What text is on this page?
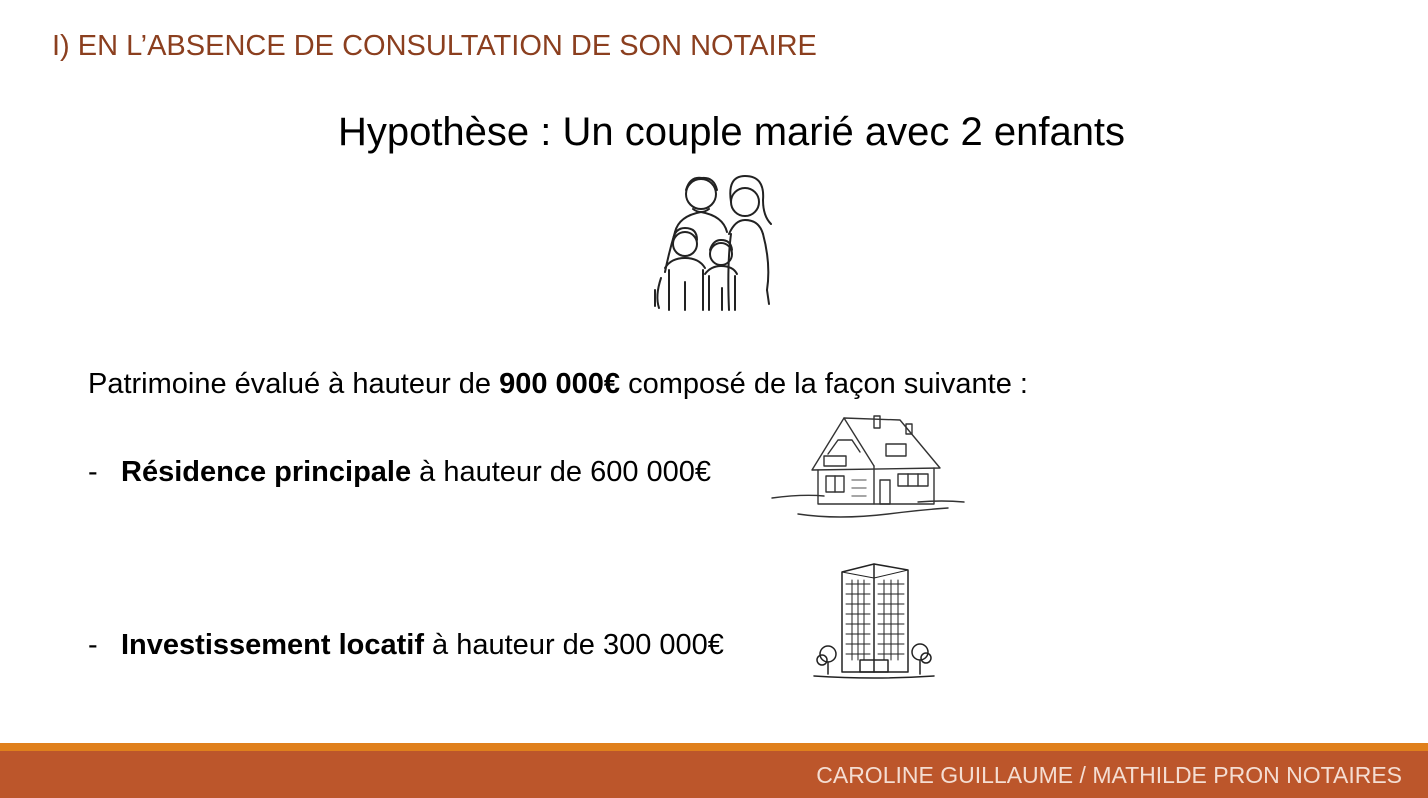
I) EN L’ABSENCE DE CONSULTATION DE SON NOTAIRE
Hypothèse : Un couple marié avec 2 enfants
Patrimoine évalué à hauteur de 900 000€ composé de la façon suivante :
- Résidence principale à hauteur de 600 000€
- Investissement locatif à hauteur de 300 000€
CAROLINE GUILLAUME / MATHILDE PRON NOTAIRES
